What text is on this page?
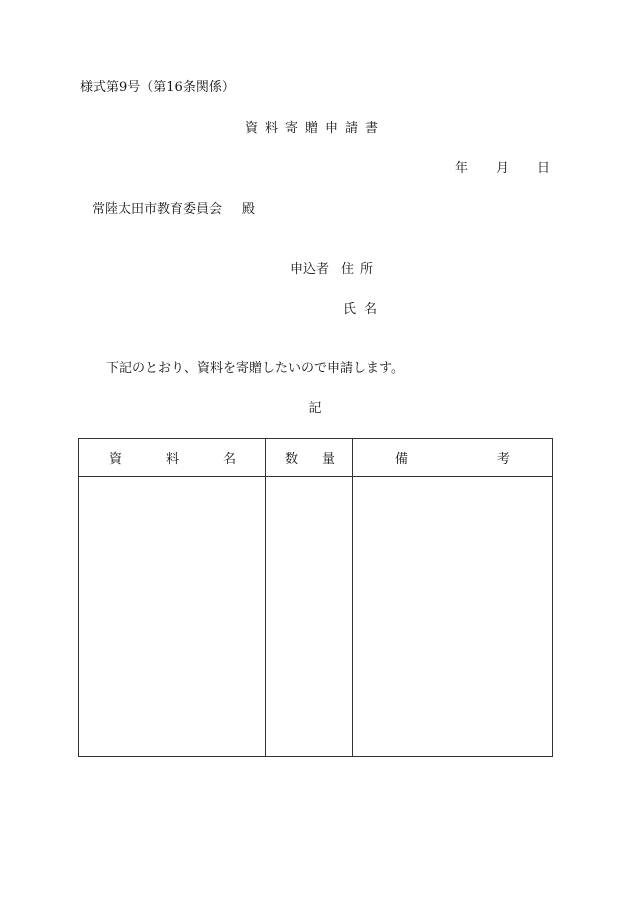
様式第9号（第16条関係）
資料寄贈申請書
年 月 日
常陸太田市教育委員会 殿
申込者 住所
氏名
下記のとおり、資料を寄贈したいので申請します。
記
資 料 名	数 量	備 考
